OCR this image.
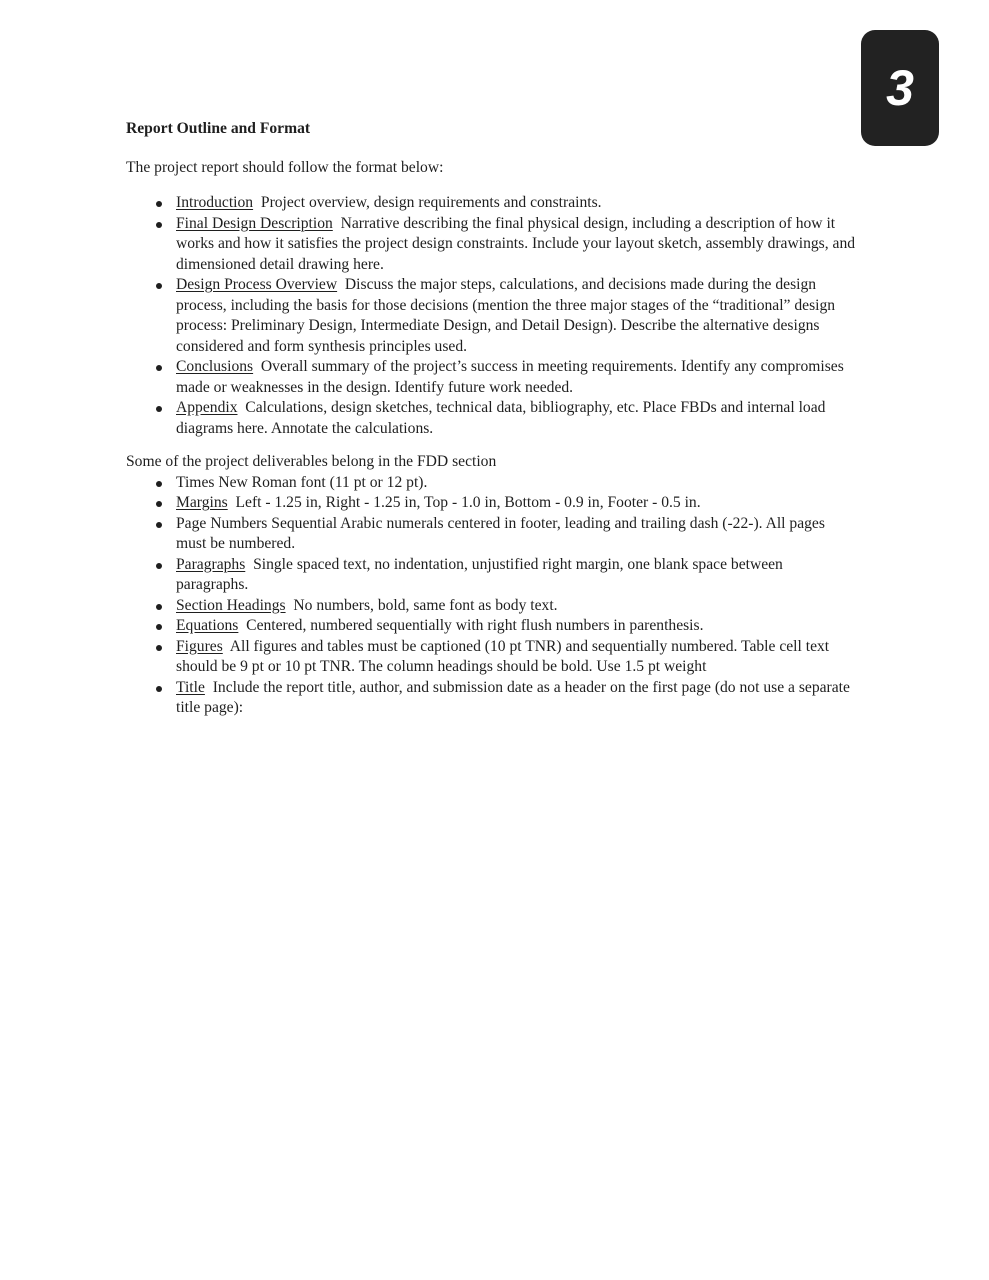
3

Report Outline and Format

The project report should follow the format below:

Introduction Project overview, design requirements and constraints.
Final Design Description Narrative describing the final physical design, including a description of how it works and how it satisfies the project design constraints. Include your layout sketch, assembly drawings, and dimensioned detail drawing here.
Design Process Overview Discuss the major steps, calculations, and decisions made during the design process, including the basis for those decisions (mention the three major stages of the “traditional” design process: Preliminary Design, Intermediate Design, and Detail Design). Describe the alternative designs considered and form synthesis principles used.
Conclusions Overall summary of the project’s success in meeting requirements. Identify any compromises made or weaknesses in the design. Identify future work needed.
Appendix Calculations, design sketches, technical data, bibliography, etc. Place FBDs and internal load diagrams here. Annotate the calculations.

Some of the project deliverables belong in the FDD section

Times New Roman font (11 pt or 12 pt).
Margins Left - 1.25 in, Right - 1.25 in, Top - 1.0 in, Bottom - 0.9 in, Footer - 0.5 in.
Page Numbers Sequential Arabic numerals centered in footer, leading and trailing dash (-22-). All pages must be numbered.
Paragraphs Single spaced text, no indentation, unjustified right margin, one blank space between paragraphs.
Section Headings No numbers, bold, same font as body text.
Equations Centered, numbered sequentially with right flush numbers in parenthesis.
Figures All figures and tables must be captioned (10 pt TNR) and sequentially numbered. Table cell text should be 9 pt or 10 pt TNR. The column headings should be bold. Use 1.5 pt weight
Title Include the report title, author, and submission date as a header on the first page (do not use a separate title page):
